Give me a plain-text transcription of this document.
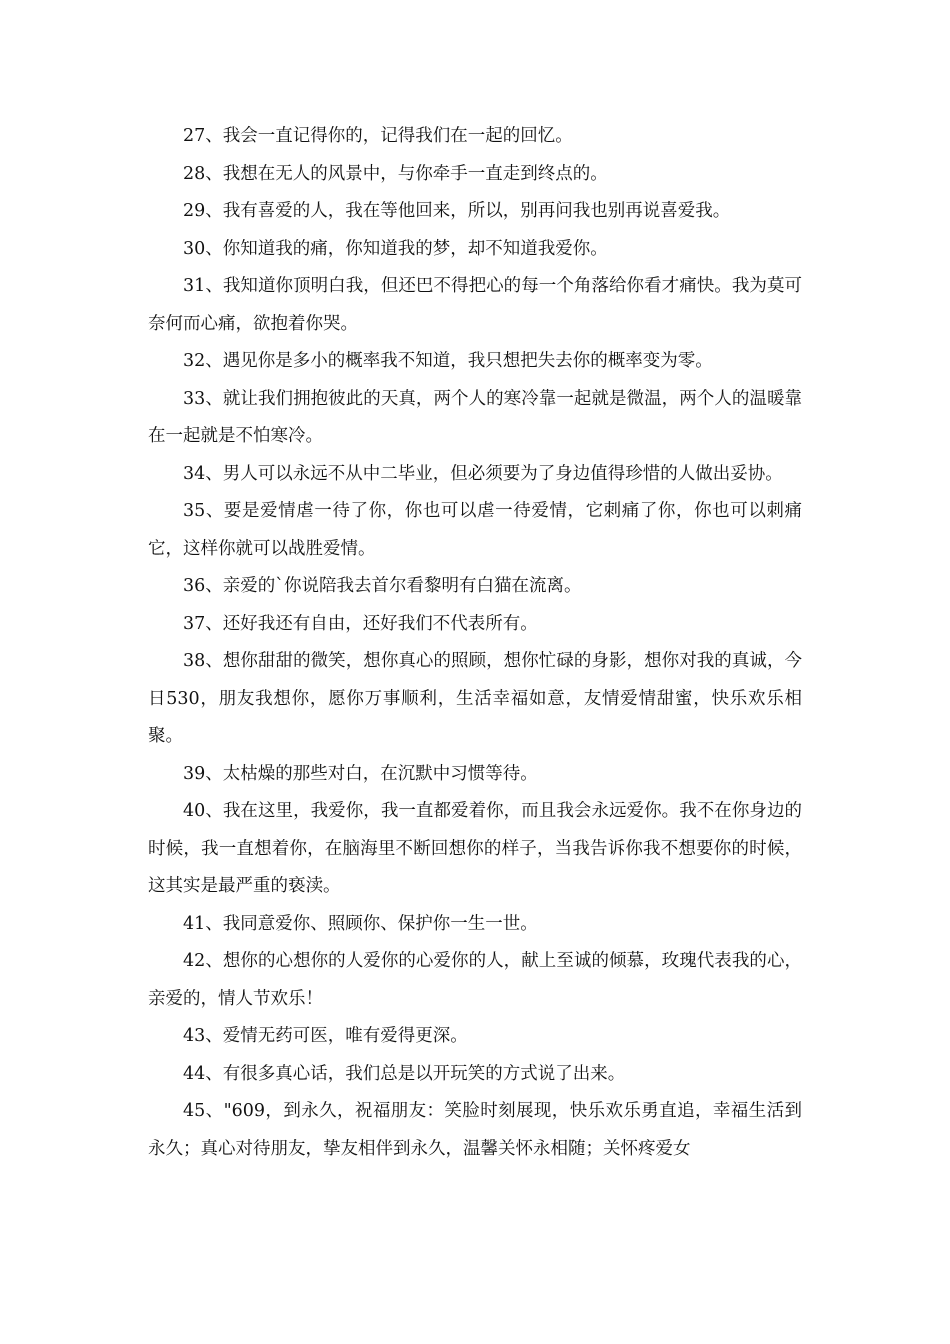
27、我会一直记得你的，记得我们在一起的回忆。

28、我想在无人的风景中，与你牵手一直走到终点的。

29、我有喜爱的人，我在等他回来，所以，别再问我也别再说喜爱我。

30、你知道我的痛，你知道我的梦，却不知道我爱你。

31、我知道你顶明白我，但还巴不得把心的每一个角落给你看才痛快。我为莫可奈何而心痛，欲抱着你哭。

32、遇见你是多小的概率我不知道，我只想把失去你的概率变为零。

33、就让我们拥抱彼此的天真，两个人的寒冷靠一起就是微温，两个人的温暖靠在一起就是不怕寒冷。

34、男人可以永远不从中二毕业，但必须要为了身边值得珍惜的人做出妥协。

35、要是爱情虐一待了你，你也可以虐一待爱情，它刺痛了你，你也可以刺痛它，这样你就可以战胜爱情。

36、亲爱的`你说陪我去首尔看黎明有白猫在流离。

37、还好我还有自由，还好我们不代表所有。

38、想你甜甜的微笑，想你真心的照顾，想你忙碌的身影，想你对我的真诚，今日530，朋友我想你，愿你万事顺利，生活幸福如意，友情爱情甜蜜，快乐欢乐相聚。

39、太枯燥的那些对白，在沉默中习惯等待。

40、我在这里，我爱你，我一直都爱着你，而且我会永远爱你。我不在你身边的时候，我一直想着你，在脑海里不断回想你的样子，当我告诉你我不想要你的时候，这其实是最严重的亵渎。

41、我同意爱你、照顾你、保护你一生一世。

42、想你的心想你的人爱你的心爱你的人，献上至诚的倾慕，玫瑰代表我的心，亲爱的，情人节欢乐！

43、爱情无药可医，唯有爱得更深。

44、有很多真心话，我们总是以开玩笑的方式说了出来。

45、"609，到永久，祝福朋友：笑脸时刻展现，快乐欢乐勇直追，幸福生活到永久；真心对待朋友，挚友相伴到永久，温馨关怀永相随；关怀疼爱女
